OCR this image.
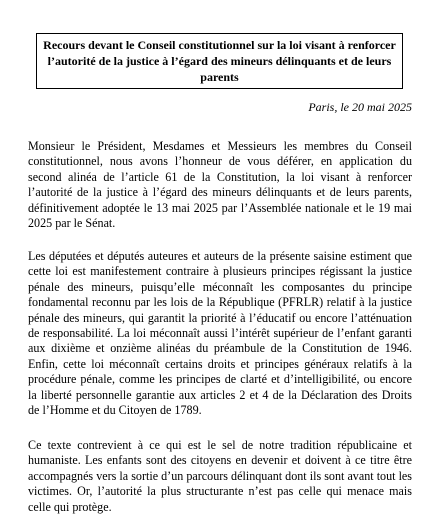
Recours devant le Conseil constitutionnel sur la loi visant à renforcer l’autorité de la justice à l’égard des mineurs délinquants et de leurs parents
Paris, le 20 mai 2025

Monsieur le Président, Mesdames et Messieurs les membres du Conseil constitutionnel, nous avons l’honneur de vous déférer, en application du second alinéa de l’article 61 de la Constitution, la loi visant à renforcer l’autorité de la justice à l’égard des mineurs délinquants et de leurs parents, définitivement adoptée le 13 mai 2025 par l’Assemblée nationale et le 19 mai 2025 par le Sénat.

Les députées et députés auteures et auteurs de la présente saisine estiment que cette loi est manifestement contraire à plusieurs principes régissant la justice pénale des mineurs, puisqu’elle méconnaît les composantes du principe fondamental reconnu par les lois de la République (PFRLR) relatif à la justice pénale des mineurs, qui garantit la priorité à l’éducatif ou encore l’atténuation de responsabilité. La loi méconnaît aussi l’intérêt supérieur de l’enfant garanti aux dixième et onzième alinéas du préambule de la Constitution de 1946. Enfin, cette loi méconnaît certains droits et principes généraux relatifs à la procédure pénale, comme les principes de clarté et d’intelligibilité, ou encore la liberté personnelle garantie aux articles 2 et 4 de la Déclaration des Droits de l’Homme et du Citoyen de 1789.

Ce texte contrevient à ce qui est le sel de notre tradition républicaine et humaniste. Les enfants sont des citoyens en devenir et doivent à ce titre être accompagnés vers la sortie d’un parcours délinquant dont ils sont avant tout les victimes. Or, l’autorité la plus structurante n’est pas celle qui menace mais celle qui protège.
